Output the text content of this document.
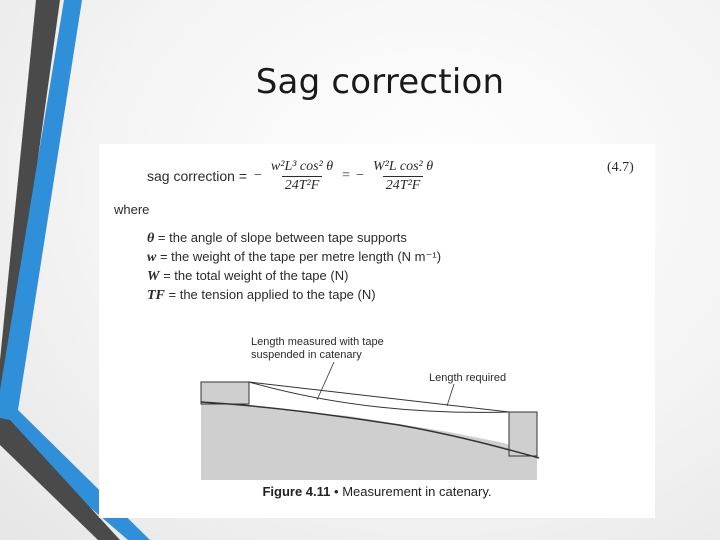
Sag correction
sag correction = − $\frac{\text{w²L³ cos² θ}}{\text{24T²F}}$ = − $\frac{\text{W²L cos² θ}}{\text{24T²F}}$	(4.7)
where
θ = the angle of slope between tape supports
w = the weight of the tape per metre length (N m⁻¹)
W = the total weight of the tape (N)
TF = the tension applied to the tape (N)
Length measured with tape
suspended in catenary
Length required
Figure 4.11 • Measurement in catenary.
